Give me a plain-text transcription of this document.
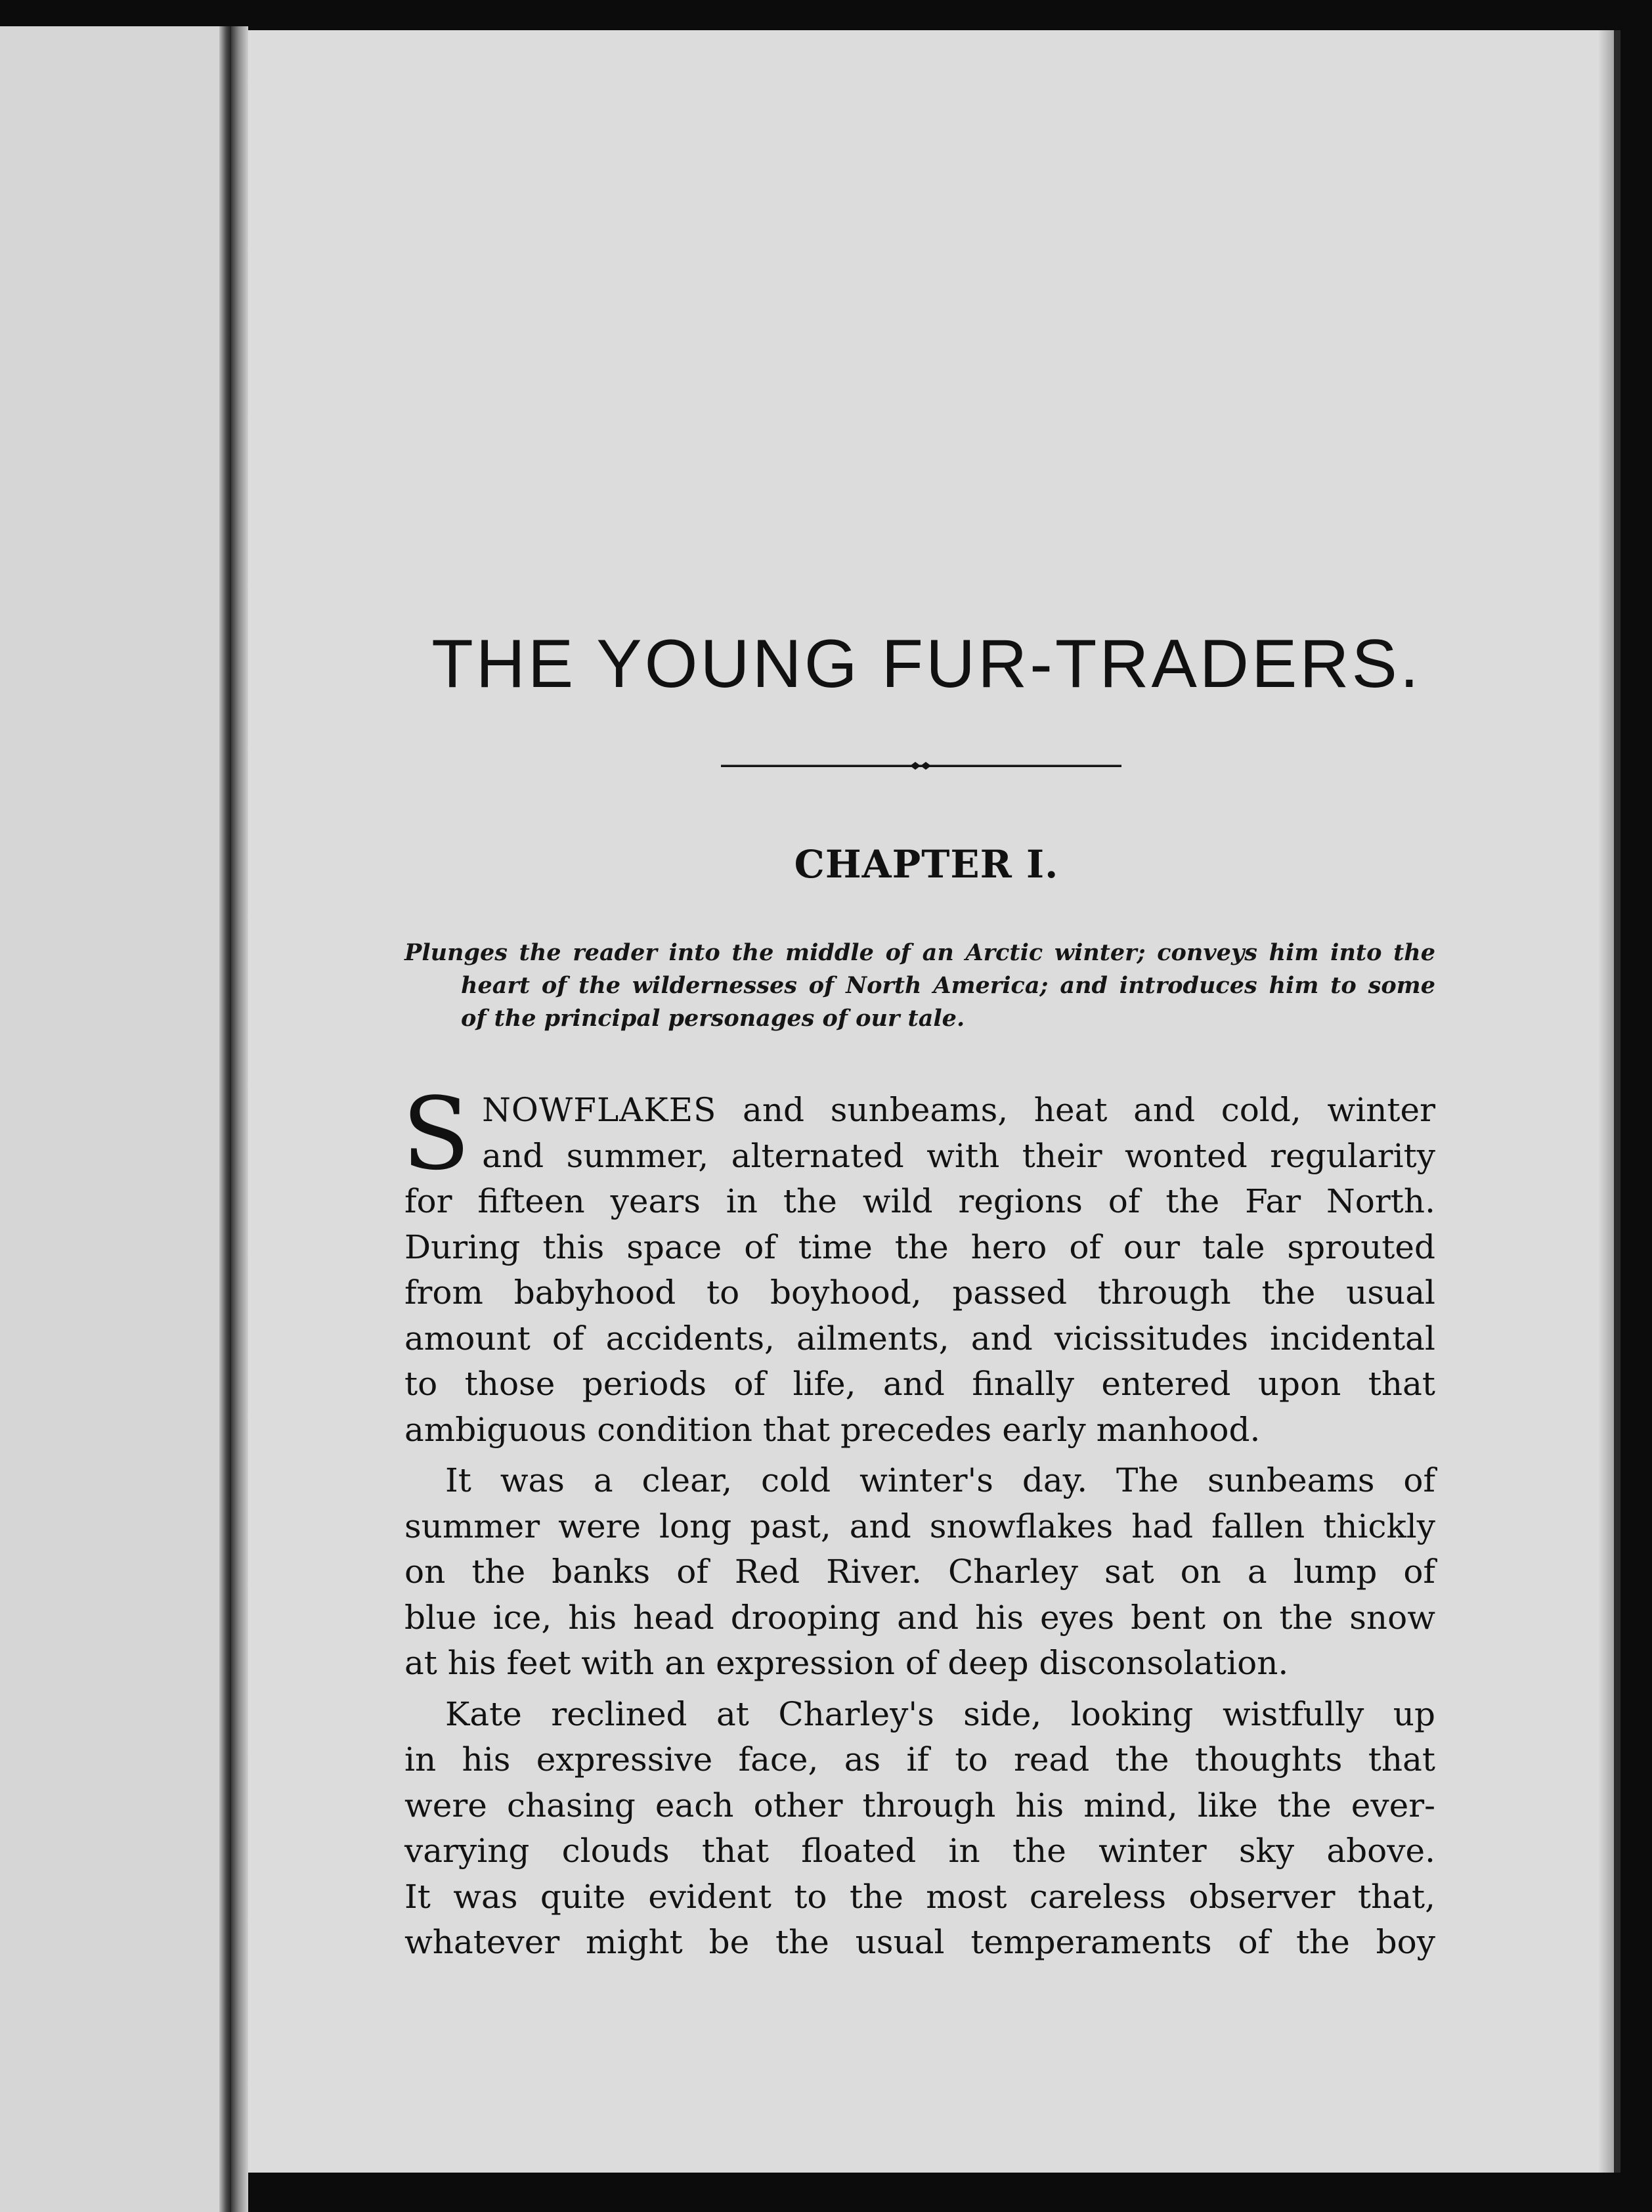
THE YOUNG FUR-TRADERS.
CHAPTER I.
Plunges the reader into the middle of an Arctic winter; conveys him into the
heart of the wildernesses of North America; and introduces him to some
of the principal personages of our tale.
S NOWFLAKES and sunbeams, heat and cold, winter
and summer, alternated with their wonted regularity
for fifteen years in the wild regions of the Far North.
During this space of time the hero of our tale sprouted
from babyhood to boyhood, passed through the usual
amount of accidents, ailments, and vicissitudes incidental
to those periods of life, and finally entered upon that
ambiguous condition that precedes early manhood.
It was a clear, cold winter's day. The sunbeams of
summer were long past, and snowflakes had fallen thickly
on the banks of Red River. Charley sat on a lump of
blue ice, his head drooping and his eyes bent on the snow
at his feet with an expression of deep disconsolation.
Kate reclined at Charley's side, looking wistfully up
in his expressive face, as if to read the thoughts that
were chasing each other through his mind, like the ever-
varying clouds that floated in the winter sky above.
It was quite evident to the most careless observer that,
whatever might be the usual temperaments of the boy
